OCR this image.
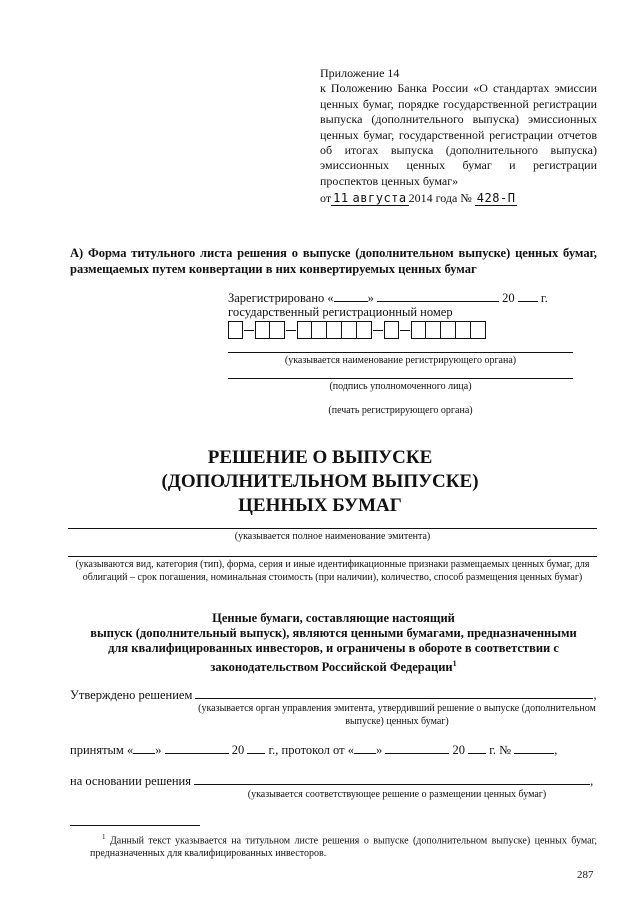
Приложение 14

к Положению Банка России «О стандартах эмиссии ценных бумаг, порядке государственной регистрации выпуска (дополнительного выпуска) эмиссионных ценных бумаг, государственной регистрации отчетов об итогах выпуска (дополнительного выпуска) эмиссионных ценных бумаг и регистрации проспектов ценных бумаг»

от 11 августа 2014 года № 428-П

А) Форма титульного листа решения о выпуске (дополнительном выпуске) ценных бумаг, размещаемых путем конвертации в них конвертируемых ценных бумаг

Зарегистрировано «	»	20 г.
государственный регистрационный номер
(указывается наименование регистрирующего органа)
(подпись уполномоченного лица)
(печать регистрирующего органа)
РЕШЕНИЕ О ВЫПУСКЕ
(ДОПОЛНИТЕЛЬНОМ ВЫПУСКЕ)
ЦЕННЫХ БУМАГ
(указывается полное наименование эмитента)
(указываются вид, категория (тип), форма, серия и иные идентификационные признаки размещаемых ценных бумаг, для облигаций – срок погашения, номинальная стоимость (при наличии), количество, способ размещения ценных бумаг)
Ценные бумаги, составляющие настоящий
выпуск (дополнительный выпуск), являются ценными бумагами, предназначенными
для квалифицированных инвесторов, и ограничены в обороте в соответствии с
законодательством Российской Федерации$^1$
Утверждено решением	,
(указывается орган управления эмитента, утвердивший решение о выпуске (дополнительном выпуске) ценных бумаг)
принятым « »	20 г., протокол от « »	20 г. №	,
на основании решения	,
(указывается соответствующее решение о размещении ценных бумаг)
$^1$ Данный текст указывается на титульном листе решения о выпуске (дополнительном выпуске) ценных бумаг, предназначенных для квалифицированных инвесторов.
287
